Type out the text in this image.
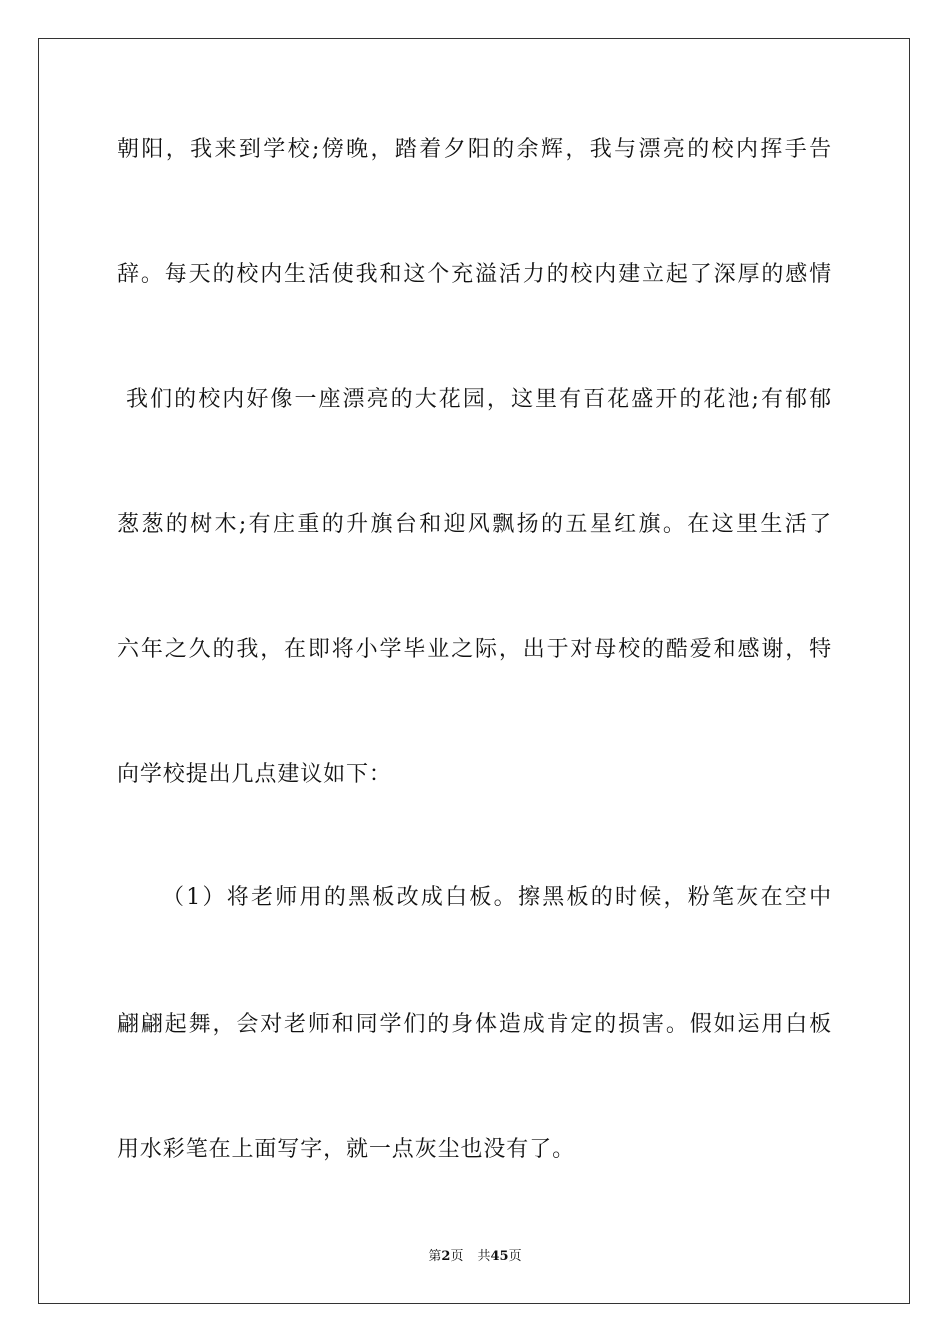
朝阳，我来到学校;傍晚，踏着夕阳的余辉，我与漂亮的校内挥手告
辞。每天的校内生活使我和这个充溢活力的校内建立起了深厚的感情
我们的校内好像一座漂亮的大花园，这里有百花盛开的花池;有郁郁
葱葱的树木;有庄重的升旗台和迎风飘扬的五星红旗。在这里生活了
六年之久的我，在即将小学毕业之际，出于对母校的酷爱和感谢，特
向学校提出几点建议如下：
（1）将老师用的黑板改成白板。擦黑板的时候，粉笔灰在空中
翩翩起舞，会对老师和同学们的身体造成肯定的损害。假如运用白板
用水彩笔在上面写字，就一点灰尘也没有了。
第2页 共45页
